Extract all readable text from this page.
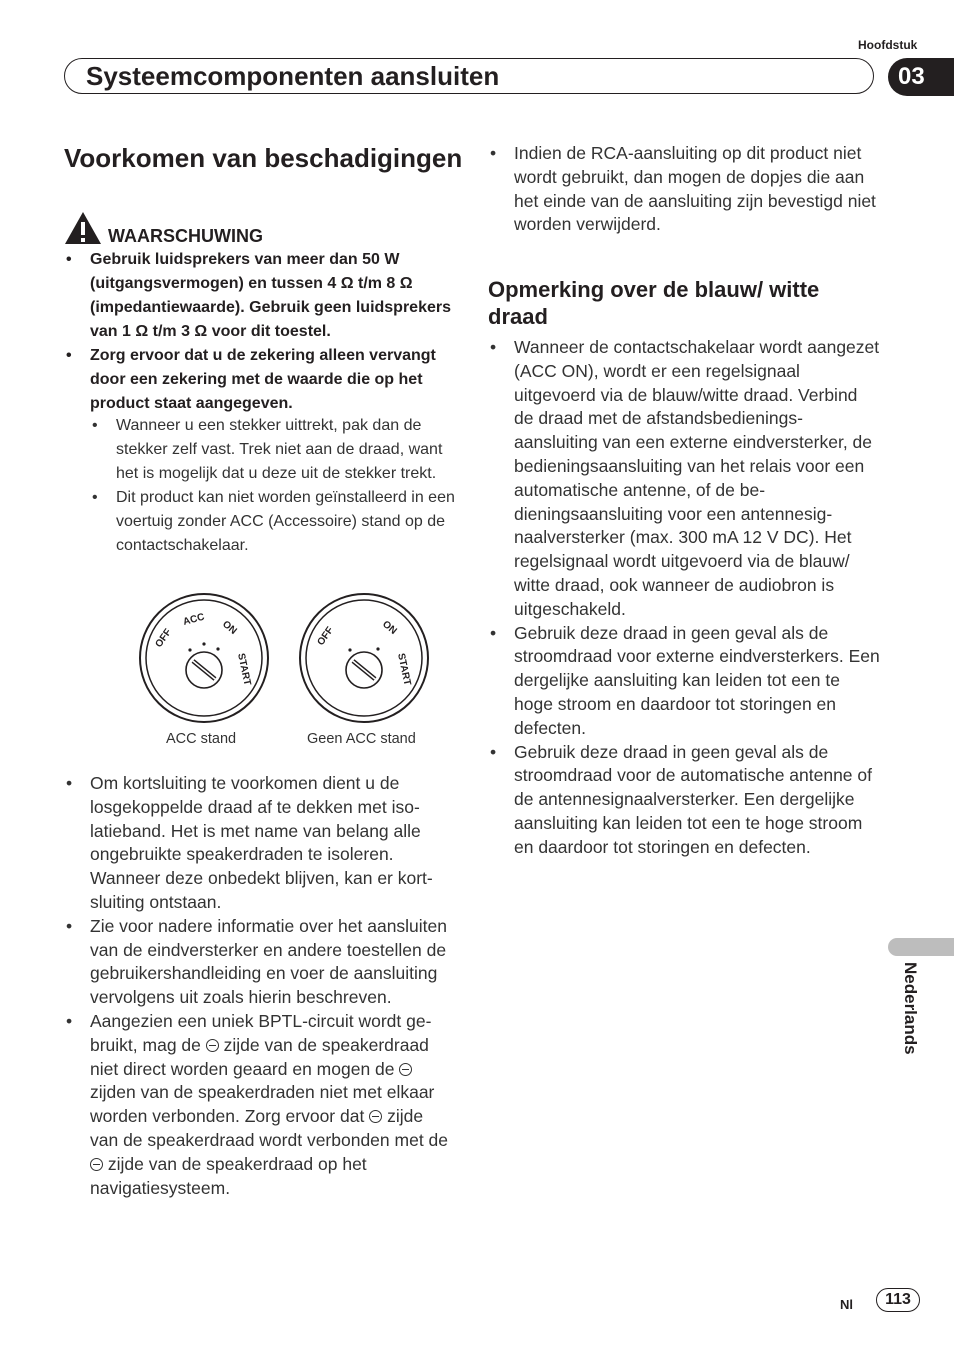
Hoofdstuk
03
Systeemcomponenten aansluiten
Voorkomen van beschadigingen
WAARSCHUWING
• Gebruik luidsprekers van meer dan 50 W (uitgangsvermogen) en tussen 4 Ω t/m 8 Ω (impedantiewaarde). Gebruik geen luidsprekers van 1 Ω t/m 3 Ω voor dit toestel.
• Zorg ervoor dat u de zekering alleen vervangt door een zekering met de waarde die op het product staat aangegeven.
• Wanneer u een stekker uittrekt, pak dan de stekker zelf vast. Trek niet aan de draad, want het is mogelijk dat u deze uit de stekker trekt.
• Dit product kan niet worden geïnstalleerd in een voertuig zonder ACC (Accessoire) stand op de contactschakelaar.
OFF
ACC ON
START
ACC stand
OFF	ON
START
Geen ACC stand
• Om kortsluiting te voorkomen dient u de losgekoppelde draad af te dekken met isolatieband. Het is met name van belang alle ongebruikte speakerdraden te isoleren. Wanneer deze onbedekt blijven, kan er kortsluiting ontstaan.
• Zie voor nadere informatie over het aansluiten van de eindversterker en andere toestellen de gebruikershandleiding en voer de aansluiting vervolgens uit zoals hierin beschreven.
• Aangezien een uniek BPTL-circuit wordt gebruikt, mag de zijde van de speakerdraad niet direct worden geaard en mogen de  zijden van de speakerdraden niet met elkaar worden verbonden. Zorg ervoor dat zijde van de speakerdraad wordt verbonden met de  zijde van de speakerdraad op het navigatiesysteem.
• Indien de RCA-aansluiting op dit product niet wordt gebruikt, dan mogen de dopjes die aan het einde van de aansluiting zijn bevestigd niet worden verwijderd.
Opmerking over de blauw/ witte draad
• Wanneer de contactschakelaar wordt aangezet (ACC ON), wordt er een regelsignaal uitgevoerd via de blauw/witte draad. Verbind de draad met de afstandsbedieningsaansluiting van een externe eindversterker, de bedieningsaansluiting van het relais voor een automatische antenne, of de bedieningsaansluiting voor een antennesignaalversterker (max. 300 mA 12 V DC). Het regelsignaal wordt uitgevoerd via de blauw/ witte draad, ook wanneer de audiobron is uitgeschakeld.
• Gebruik deze draad in geen geval als de stroomdraad voor externe eindversterkers. Een dergelijke aansluiting kan leiden tot een te hoge stroom en daardoor tot storingen en defecten.
• Gebruik deze draad in geen geval als de stroomdraad voor de automatische antenne of de antennesignaalversterker. Een dergelijke aansluiting kan leiden tot een te hoge stroom en daardoor tot storingen en defecten.
Nederlands
Nl	113
